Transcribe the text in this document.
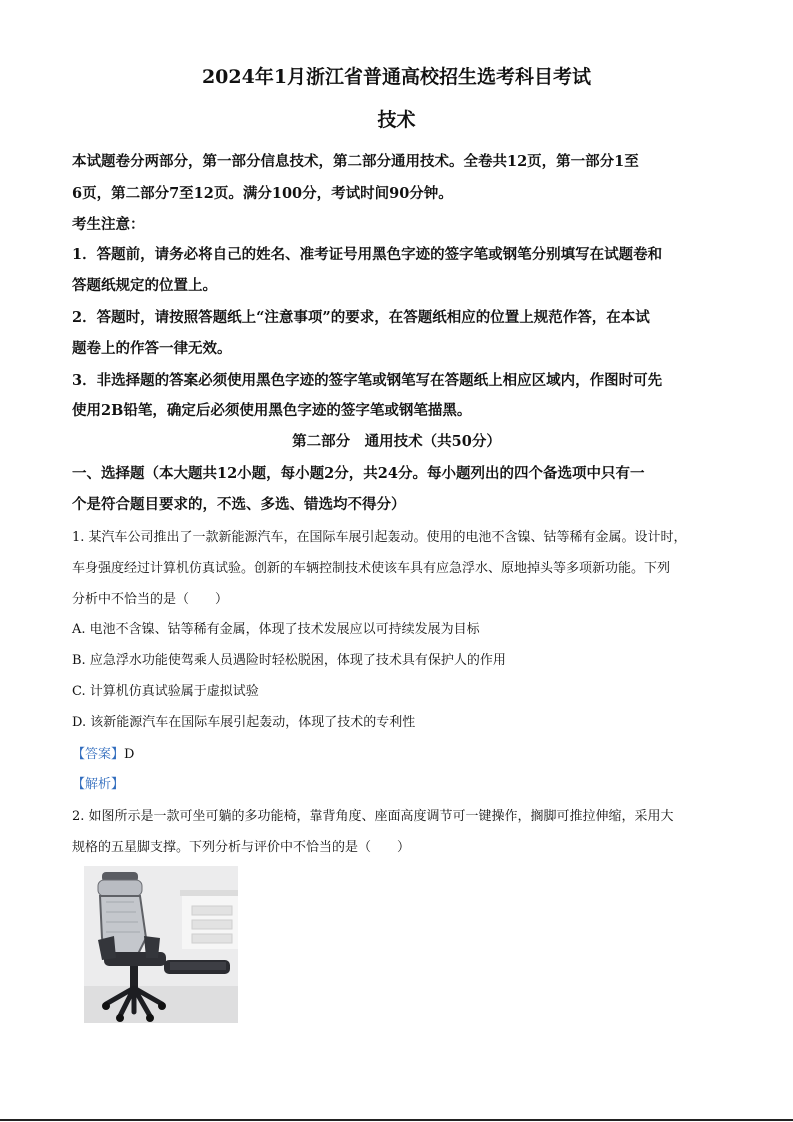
2024年1月浙江省普通高校招生选考科目考试
技术
本试题卷分两部分，第一部分信息技术，第二部分通用技术。全卷共12页，第一部分1至
6页，第二部分7至12页。满分100分，考试时间90分钟。
考生注意：
1．答题前，请务必将自己的姓名、准考证号用黑色字迹的签字笔或钢笔分别填写在试题卷和
答题纸规定的位置上。
2．答题时，请按照答题纸上“注意事项”的要求，在答题纸相应的位置上规范作答，在本试
题卷上的作答一律无效。
3．非选择题的答案必须使用黑色字迹的签字笔或钢笔写在答题纸上相应区域内，作图时可先
使用2B铅笔，确定后必须使用黑色字迹的签字笔或钢笔描黑。
第二部分　通用技术（共50分）
一、选择题（本大题共12小题，每小题2分，共24分。每小题列出的四个备选项中只有一
个是符合题目要求的，不选、多选、错选均不得分）
1. 某汽车公司推出了一款新能源汽车，在国际车展引起轰动。使用的电池不含镍、钴等稀有金属。设计时，
车身强度经过计算机仿真试验。创新的车辆控制技术使该车具有应急浮水、原地掉头等多项新功能。下列
分析中不恰当的是（　　）
A. 电池不含镍、钴等稀有金属，体现了技术发展应以可持续发展为目标
B. 应急浮水功能使驾乘人员遇险时轻松脱困，体现了技术具有保护人的作用
C. 计算机仿真试验属于虚拟试验
D. 该新能源汽车在国际车展引起轰动，体现了技术的专利性
【答案】D
【解析】
2. 如图所示是一款可坐可躺的多功能椅，靠背角度、座面高度调节可一键操作，搁脚可推拉伸缩，采用大
规格的五星脚支撑。下列分析与评价中不恰当的是（　　）
